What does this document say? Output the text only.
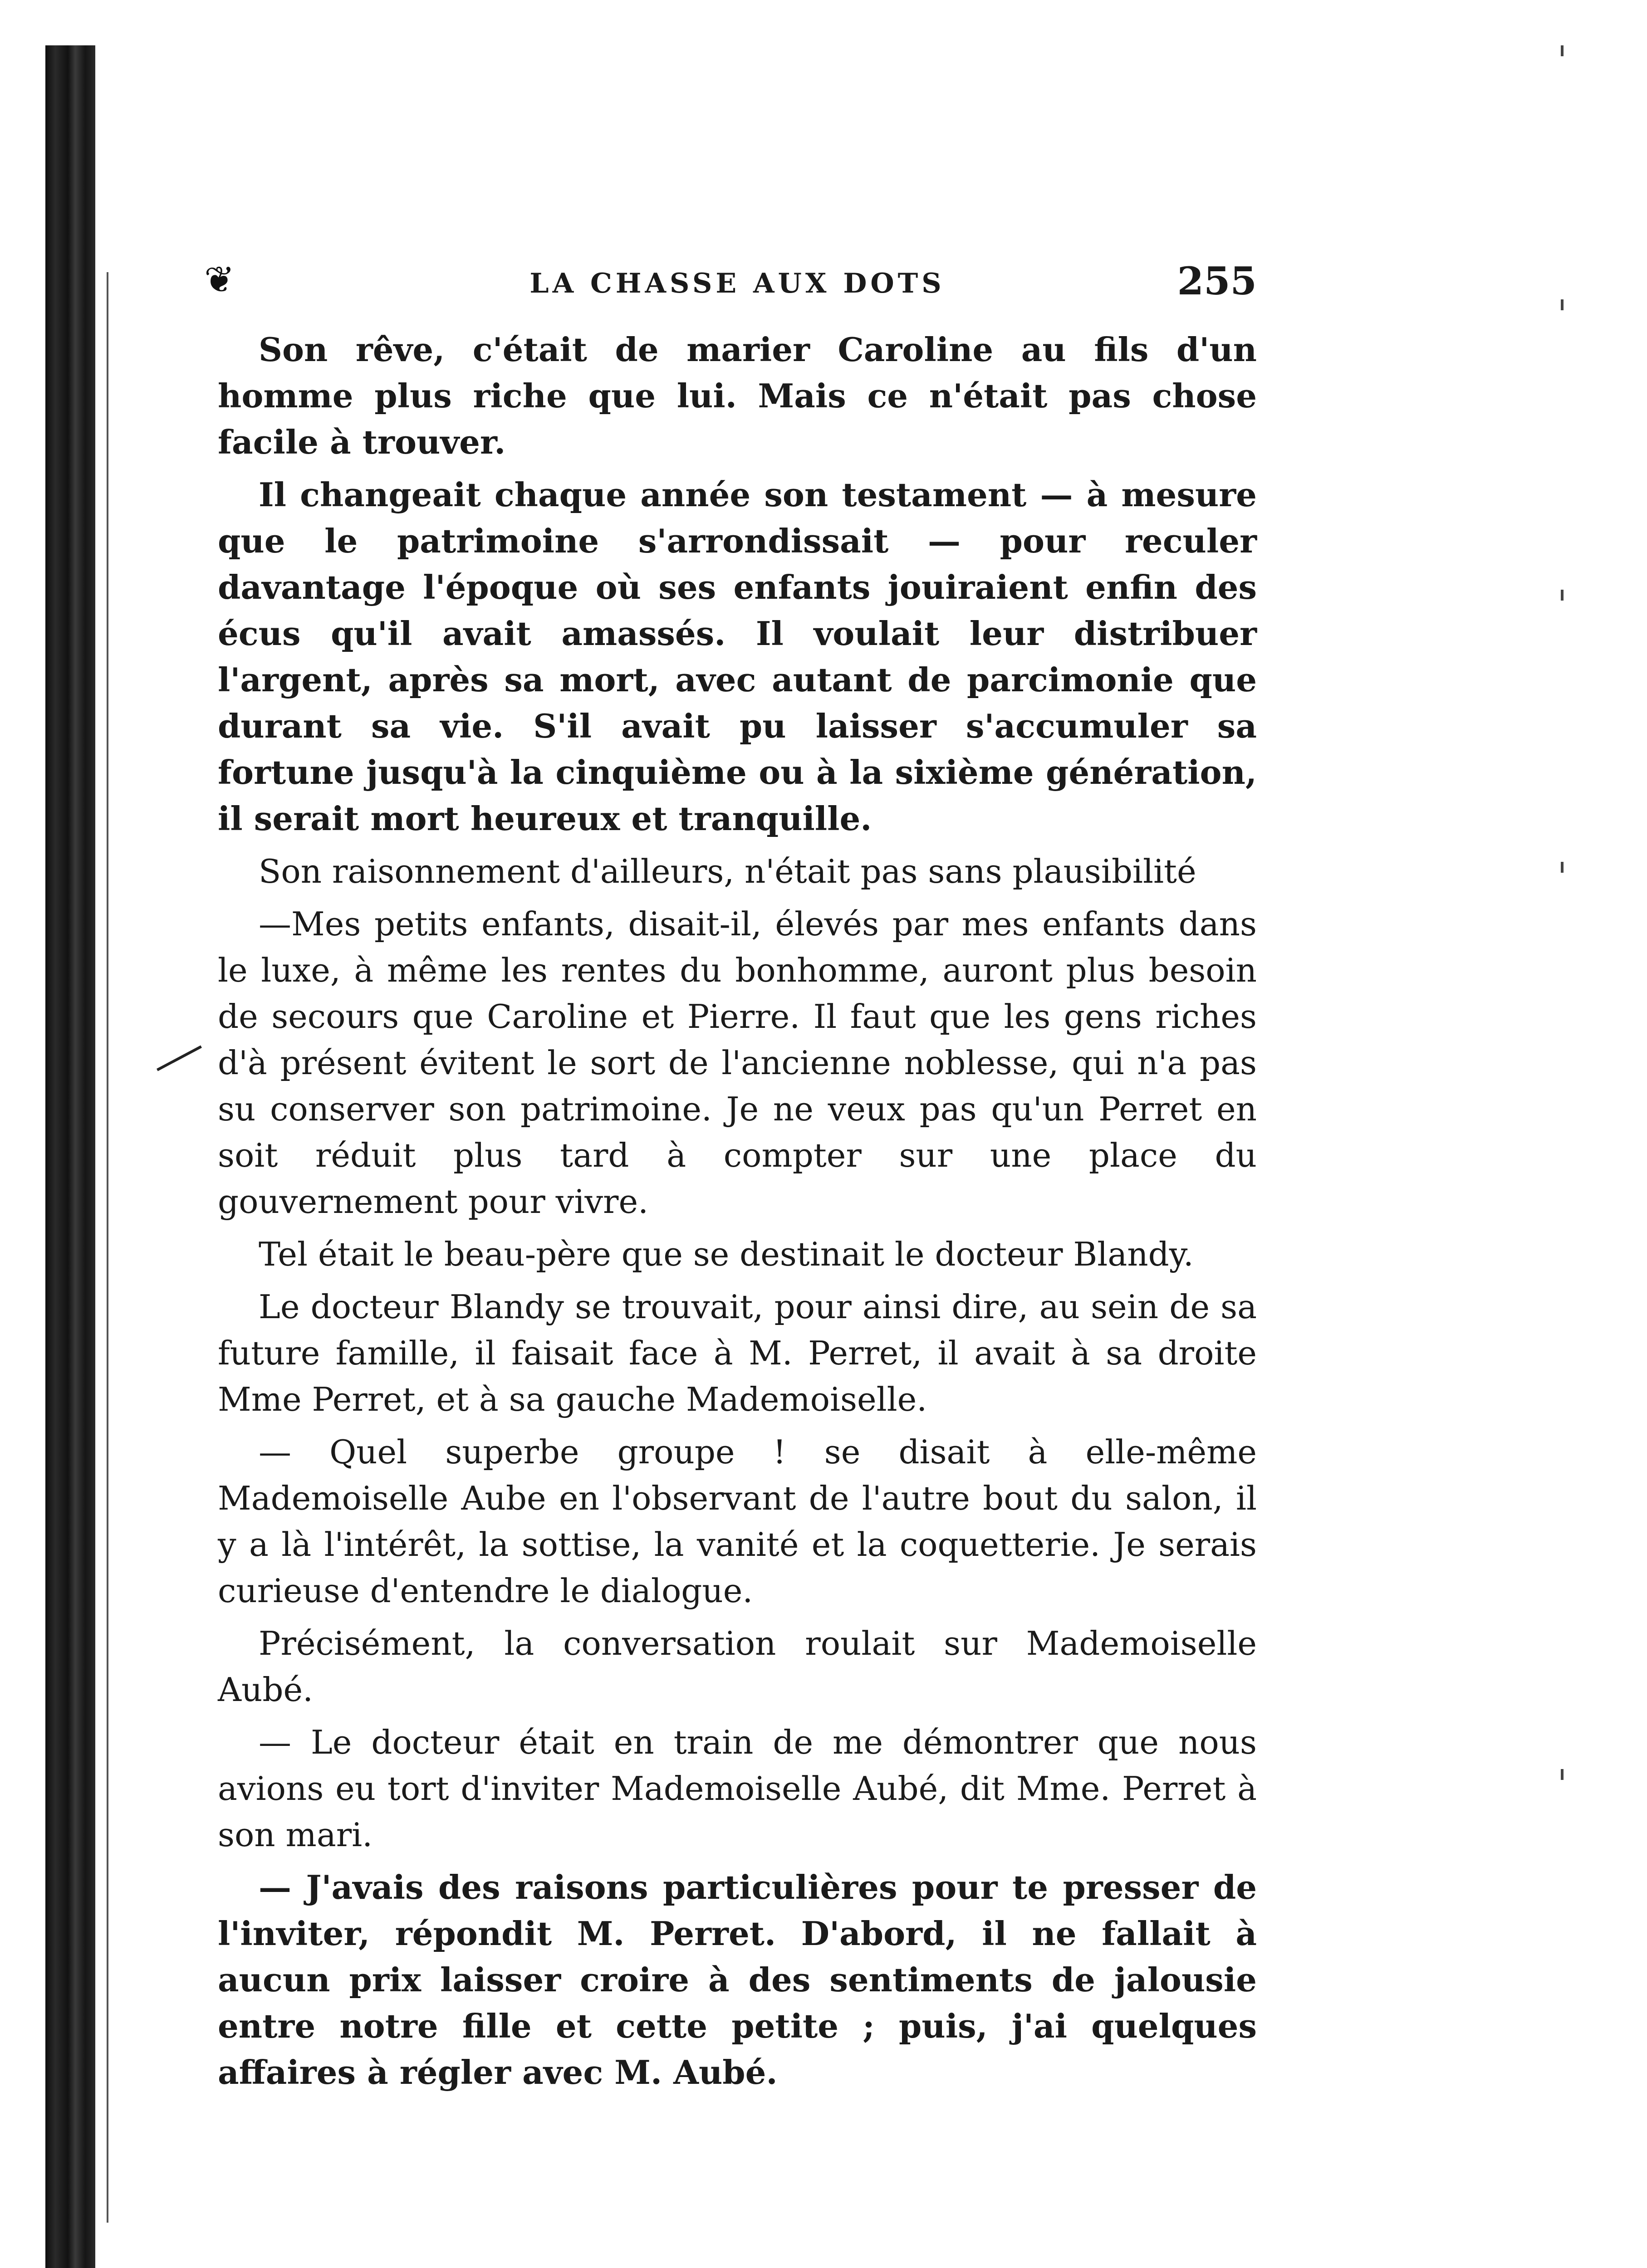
❦	LA CHASSE AUX DOTS	255

Son rêve, c'était de marier Caroline au fils d'un homme plus riche que lui. Mais ce n'était pas chose facile à trouver.

Il changeait chaque année son testament — à mesure que le patrimoine s'arrondissait — pour reculer davantage l'époque où ses enfants jouiraient enfin des écus qu'il avait amassés. Il voulait leur distribuer l'argent, après sa mort, avec autant de parcimonie que durant sa vie. S'il avait pu laisser s'accumuler sa fortune jusqu'à la cinquième ou à la sixième génération, il serait mort heureux et tranquille.

Son raisonnement d'ailleurs, n'était pas sans plausibilité

—Mes petits enfants, disait-il, élevés par mes enfants dans le luxe, à même les rentes du bonhomme, auront plus besoin de secours que Caroline et Pierre. Il faut que les gens riches d'à présent évitent le sort de l'ancienne noblesse, qui n'a pas su conserver son patrimoine. Je ne veux pas qu'un Perret en soit réduit plus tard à compter sur une place du gouvernement pour vivre.

Tel était le beau-père que se destinait le docteur Blandy.

Le docteur Blandy se trouvait, pour ainsi dire, au sein de sa future famille, il faisait face à M. Perret, il avait à sa droite Mme Perret, et à sa gauche Mademoiselle.

— Quel superbe groupe ! se disait à elle-même Mademoiselle Aube en l'observant de l'autre bout du salon, il y a là l'intérêt, la sottise, la vanité et la coquetterie. Je serais curieuse d'entendre le dialogue.

Précisément, la conversation roulait sur Mademoiselle Aubé.

— Le docteur était en train de me démontrer que nous avions eu tort d'inviter Mademoiselle Aubé, dit Mme. Perret à son mari.

— J'avais des raisons particulières pour te presser de l'inviter, répondit M. Perret. D'abord, il ne fallait à aucun prix laisser croire à des sentiments de jalousie entre notre fille et cette petite ; puis, j'ai quelques affaires à régler avec M. Aubé.
